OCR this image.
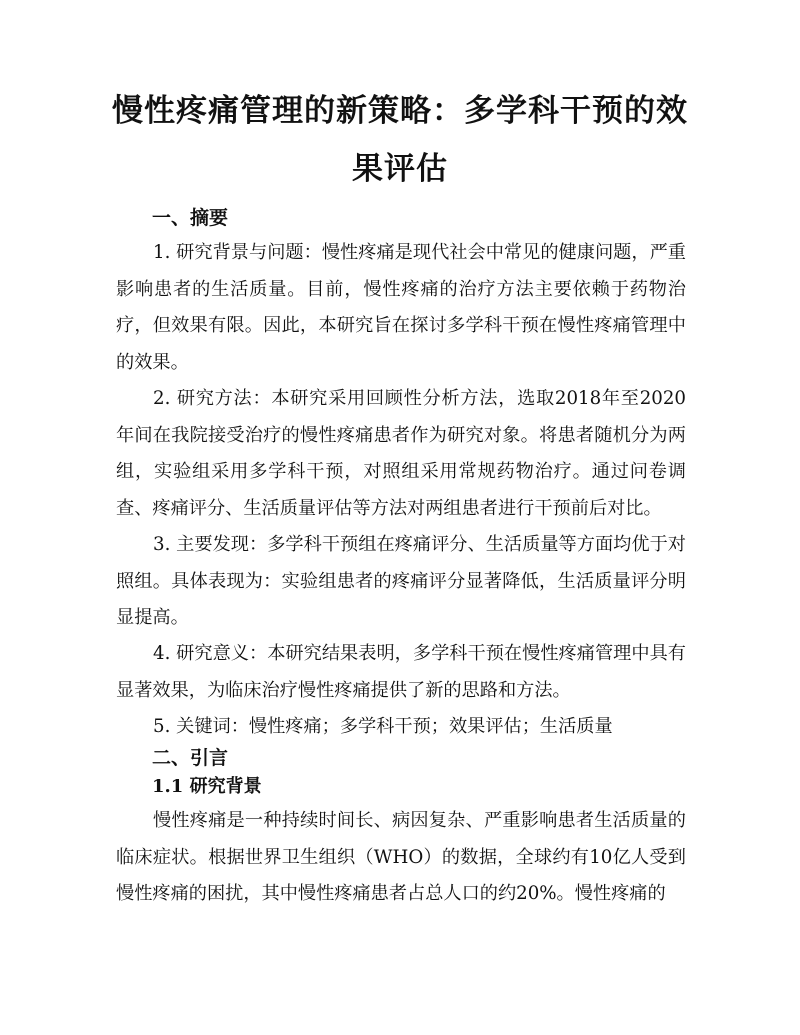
慢性疼痛管理的新策略：多学科干预的效果评估
一、摘要

1. 研究背景与问题：慢性疼痛是现代社会中常见的健康问题，严重影响患者的生活质量。目前，慢性疼痛的治疗方法主要依赖于药物治疗，但效果有限。因此，本研究旨在探讨多学科干预在慢性疼痛管理中的效果。

2. 研究方法：本研究采用回顾性分析方法，选取2018年至2020年间在我院接受治疗的慢性疼痛患者作为研究对象。将患者随机分为两组，实验组采用多学科干预，对照组采用常规药物治疗。通过问卷调查、疼痛评分、生活质量评估等方法对两组患者进行干预前后对比。

3. 主要发现：多学科干预组在疼痛评分、生活质量等方面均优于对照组。具体表现为：实验组患者的疼痛评分显著降低，生活质量评分明显提高。

4. 研究意义：本研究结果表明，多学科干预在慢性疼痛管理中具有显著效果，为临床治疗慢性疼痛提供了新的思路和方法。

5. 关键词：慢性疼痛；多学科干预；效果评估；生活质量

二、引言
1.1 研究背景

慢性疼痛是一种持续时间长、病因复杂、严重影响患者生活质量的临床症状。根据世界卫生组织（WHO）的数据，全球约有10亿人受到慢性疼痛的困扰，其中慢性疼痛患者占总人口的约20%。慢性疼痛的
